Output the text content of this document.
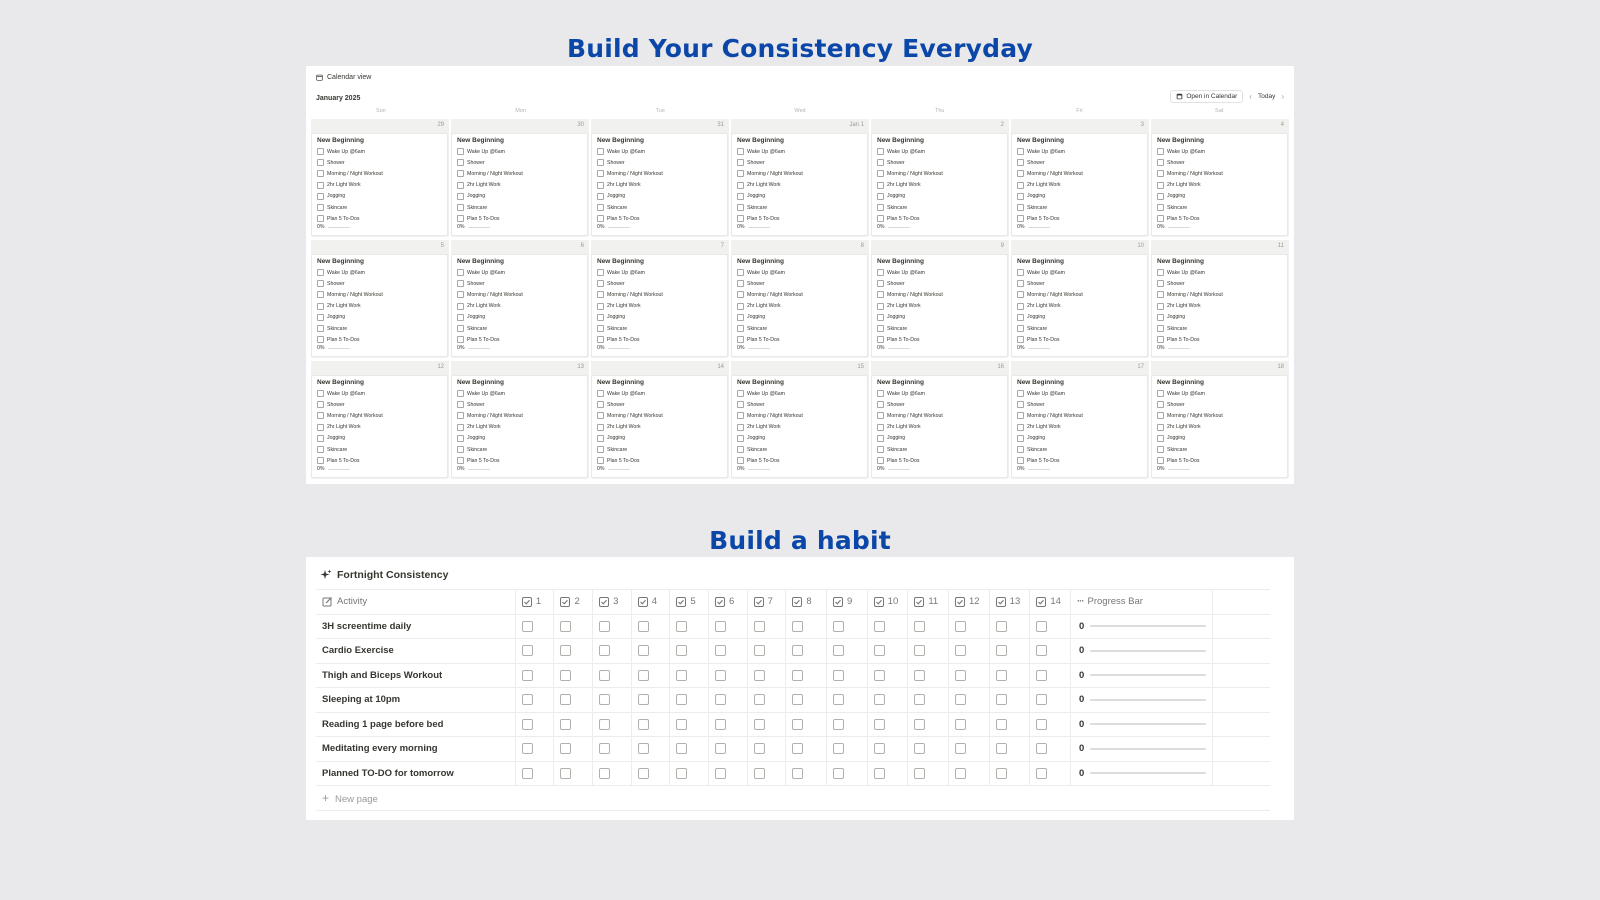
Build Your Consistency Everyday
Calendar view
January 2025	Open in Calendar ‹ Today ›
Sun	Mon	Tue	Wed	Thu	Fri	Sat
29
New Beginning
Wake Up @6am
Shower
Morning / Night Workout
2hr Light Work
Jogging
Skincare
Plan 5 To-Dos
0%
30
New Beginning
Wake Up @6am
Shower
Morning / Night Workout
2hr Light Work
Jogging
Skincare
Plan 5 To-Dos
0%
31
New Beginning
Wake Up @6am
Shower
Morning / Night Workout
2hr Light Work
Jogging
Skincare
Plan 5 To-Dos
0%
Jan 1
New Beginning
Wake Up @6am
Shower
Morning / Night Workout
2hr Light Work
Jogging
Skincare
Plan 5 To-Dos
0%
2
New Beginning
Wake Up @6am
Shower
Morning / Night Workout
2hr Light Work
Jogging
Skincare
Plan 5 To-Dos
0%
3
New Beginning
Wake Up @6am
Shower
Morning / Night Workout
2hr Light Work
Jogging
Skincare
Plan 5 To-Dos
0%
4
New Beginning
Wake Up @6am
Shower
Morning / Night Workout
2hr Light Work
Jogging
Skincare
Plan 5 To-Dos
0%
5
New Beginning
Wake Up @6am
Shower
Morning / Night Workout
2hr Light Work
Jogging
Skincare
Plan 5 To-Dos
0%
6
New Beginning
Wake Up @6am
Shower
Morning / Night Workout
2hr Light Work
Jogging
Skincare
Plan 5 To-Dos
0%
7
New Beginning
Wake Up @6am
Shower
Morning / Night Workout
2hr Light Work
Jogging
Skincare
Plan 5 To-Dos
0%
8
New Beginning
Wake Up @6am
Shower
Morning / Night Workout
2hr Light Work
Jogging
Skincare
Plan 5 To-Dos
0%
9
New Beginning
Wake Up @6am
Shower
Morning / Night Workout
2hr Light Work
Jogging
Skincare
Plan 5 To-Dos
0%
10
New Beginning
Wake Up @6am
Shower
Morning / Night Workout
2hr Light Work
Jogging
Skincare
Plan 5 To-Dos
0%
11
New Beginning
Wake Up @6am
Shower
Morning / Night Workout
2hr Light Work
Jogging
Skincare
Plan 5 To-Dos
0%
12
New Beginning
Wake Up @6am
Shower
Morning / Night Workout
2hr Light Work
Jogging
Skincare
Plan 5 To-Dos
0%
13
New Beginning
Wake Up @6am
Shower
Morning / Night Workout
2hr Light Work
Jogging
Skincare
Plan 5 To-Dos
0%
14
New Beginning
Wake Up @6am
Shower
Morning / Night Workout
2hr Light Work
Jogging
Skincare
Plan 5 To-Dos
0%
15
New Beginning
Wake Up @6am
Shower
Morning / Night Workout
2hr Light Work
Jogging
Skincare
Plan 5 To-Dos
0%
16
New Beginning
Wake Up @6am
Shower
Morning / Night Workout
2hr Light Work
Jogging
Skincare
Plan 5 To-Dos
0%
17
New Beginning
Wake Up @6am
Shower
Morning / Night Workout
2hr Light Work
Jogging
Skincare
Plan 5 To-Dos
0%
18
New Beginning
Wake Up @6am
Shower
Morning / Night Workout
2hr Light Work
Jogging
Skincare
Plan 5 To-Dos
0%
Build a habit
Fortnight Consistency
Activity	1	2	3	4	5	6	7	8	9	10	11	12	13	14	··· Progress Bar	

3H screentime daily															0	

Cardio Exercise															0	

Thigh and Biceps Workout															0	

Sleeping at 10pm															0	

Reading 1 page before bed															0	

Meditating every morning															0	

Planned TO-DO for tomorrow															0	

+ New page																
